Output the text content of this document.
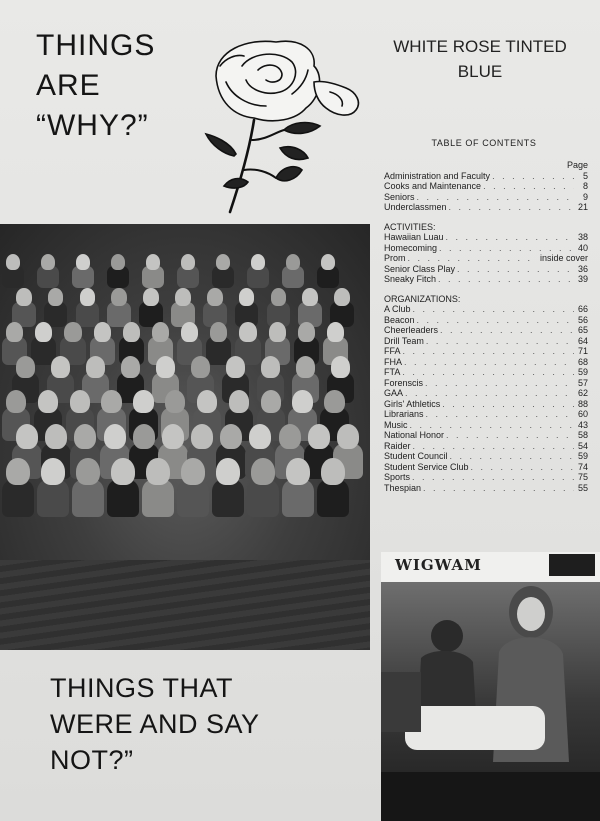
THINGS
ARE
“WHY?”
WHITE ROSE TINTED
BLUE
TABLE OF CONTENTS
Page
Administration and Faculty . . .	5
Cooks and Maintenance . . .	8
Seniors . . .	9
Underclassmen . . .	21
ACTIVITIES:
Hawaiian Luau . . .	38
Homecoming . . .	40
Prom . . .	inside cover
Senior Class Play . . .	36
Sneaky Fitch . . .	39
ORGANIZATIONS:
A Club . . .	66
Beacon . . .	56
Cheerleaders . . .	65
Drill Team . . .	64
FFA . . .	71
FHA . . .	68
FTA . . .	59
Forenscis . . .	57
GAA . . .	62
Girls' Athletics . . .	88
Librarians . . .	60
Music . . .	43
National Honor . . .	58
Raider . . .	54
Student Council . . .	59
Student Service Club . . .	74
Sports . . .	75
Thespian . . .	55
THINGS THAT
WERE AND SAY
NOT?”
WIGWAM
